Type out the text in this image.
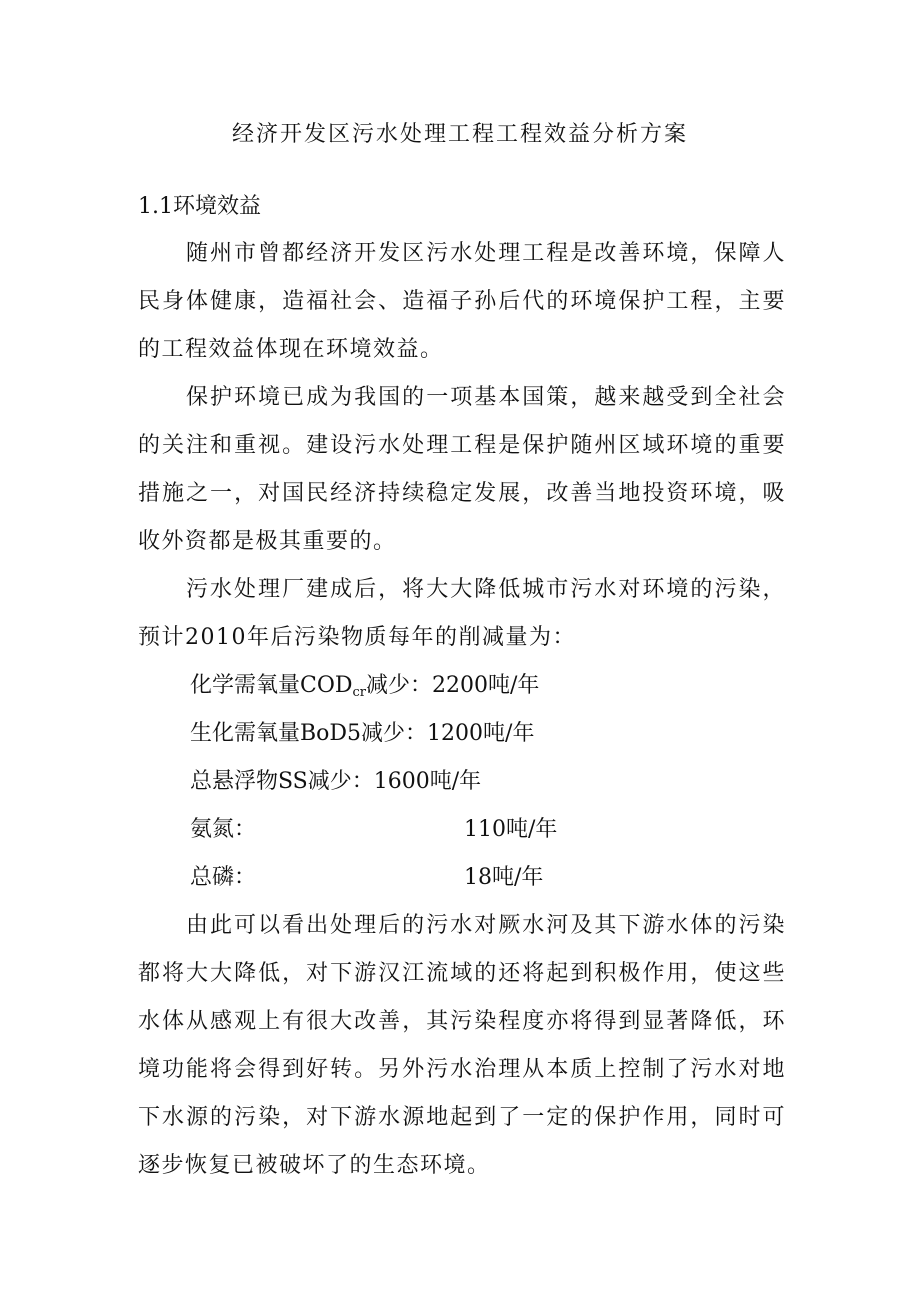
经济开发区污水处理工程工程效益分析方案
1.1环境效益

随州市曾都经济开发区污水处理工程是改善环境，保障人民身体健康，造福社会、造福子孙后代的环境保护工程，主要的工程效益体现在环境效益。

保护环境已成为我国的一项基本国策，越来越受到全社会的关注和重视。建设污水处理工程是保护随州区域环境的重要措施之一，对国民经济持续稳定发展，改善当地投资环境，吸收外资都是极其重要的。

污水处理厂建成后，将大大降低城市污水对环境的污染，预计2010年后污染物质每年的削减量为：

化学需氧量$COD_{cr}$减少：2200吨/年
生化需氧量BoD5减少：1200吨/年
总悬浮物SS减少：1600吨/年
氨氮：	110吨/年
总磷：	18吨/年

由此可以看出处理后的污水对厥水河及其下游水体的污染都将大大降低，对下游汉江流域的还将起到积极作用，使这些水体从感观上有很大改善，其污染程度亦将得到显著降低，环境功能将会得到好转。另外污水治理从本质上控制了污水对地下水源的污染，对下游水源地起到了一定的保护作用，同时可逐步恢复已被破坏了的生态环境。
